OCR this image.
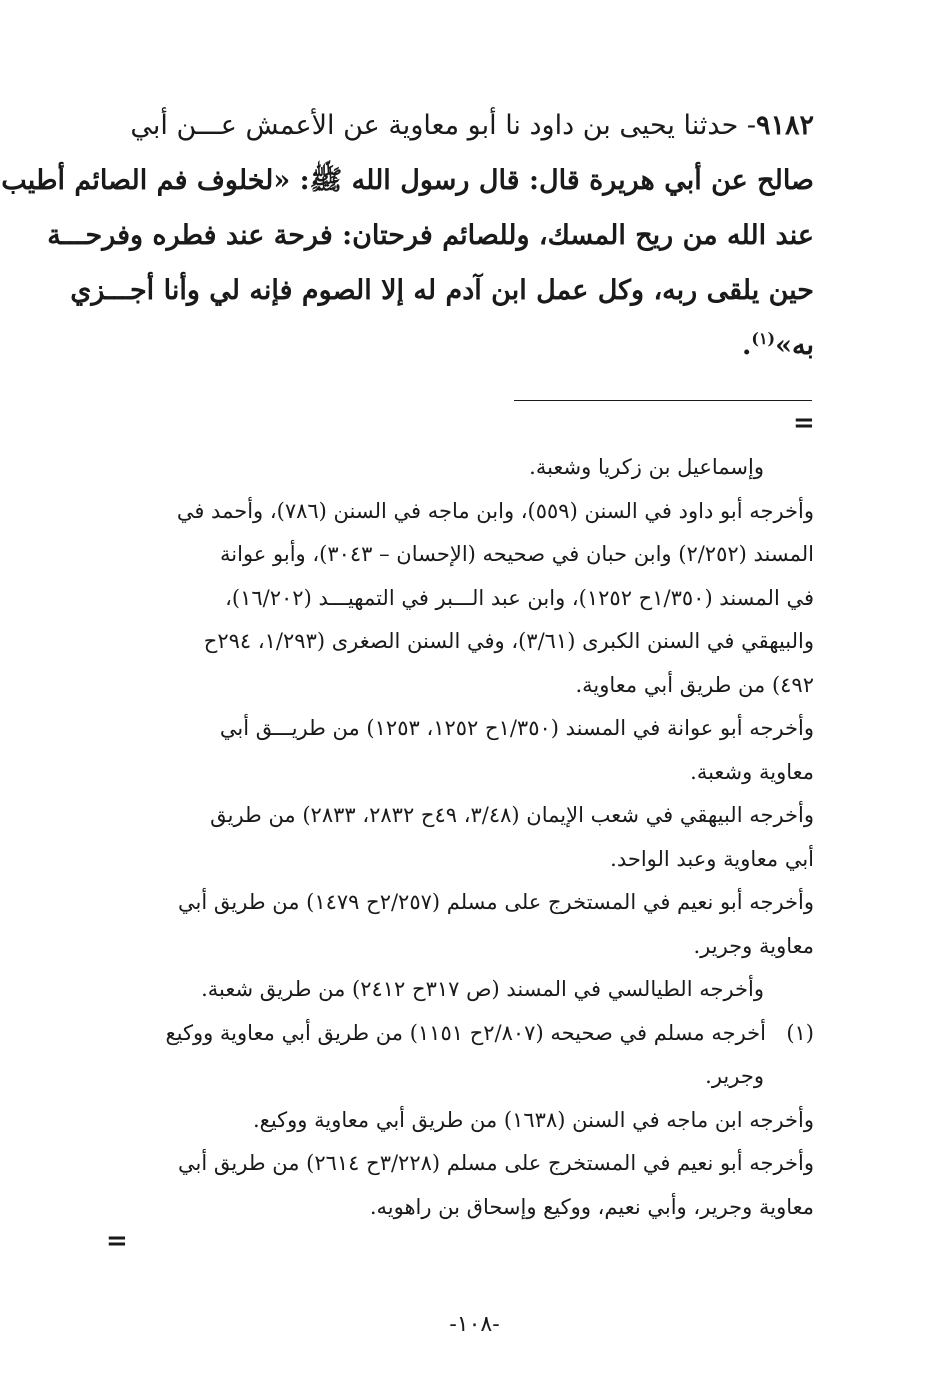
٩١٨٢- حدثنا يحيى بن داود نا أبو معاوية عن الأعمش عـــن أبي
صالح عن أبي هريرة قال: قال رسول الله ﷺ: «لخلوف فم الصائم أطيب
عند الله من ريح المسك، وللصائم فرحتان: فرحة عند فطره وفرحـــة
حين يلقى ربه، وكل عمل ابن آدم له إلا الصوم فإنه لي وأنا أجـــزي
به»$^{(١)}$.
=
وإسماعيل بن زكريا وشعبة.
وأخرجه أبو داود في السنن (٥٥٩)، وابن ماجه في السنن (٧٨٦)، وأحمد في
المسند (٢/٢٥٢) وابن حبان في صحيحه (الإحسان – ٣٠٤٣)، وأبو عوانة
في المسند (١/٣٥٠ح ١٢٥٢)، وابن عبد الـــبر في التمهيـــد (١٦/٢٠٢)،
والبيهقي في السنن الكبرى (٣/٦١)، وفي السنن الصغرى (١/٢٩٣، ٢٩٤ح
٤٩٢) من طريق أبي معاوية.
وأخرجه أبو عوانة في المسند (١/٣٥٠ح ١٢٥٢، ١٢٥٣) من طريـــق أبي
معاوية وشعبة.
وأخرجه البيهقي في شعب الإيمان (٣/٤٨، ٤٩ح ٢٨٣٢، ٢٨٣٣) من طريق
أبي معاوية وعبد الواحد.
وأخرجه أبو نعيم في المستخرج على مسلم (٢/٢٥٧ح ١٤٧٩) من طريق أبي
معاوية وجرير.
وأخرجه الطيالسي في المسند (ص ٣١٧ح ٢٤١٢) من طريق شعبة.
(١)
أخرجه مسلم في صحيحه (٢/٨٠٧ح ١١٥١) من طريق أبي معاوية ووكيع
وجرير.
وأخرجه ابن ماجه في السنن (١٦٣٨) من طريق أبي معاوية ووكيع.
وأخرجه أبو نعيم في المستخرج على مسلم (٣/٢٢٨ح ٢٦١٤) من طريق أبي
معاوية وجرير، وأبي نعيم، ووكيع وإسحاق بن راهويه.
=
-١٠٨-
